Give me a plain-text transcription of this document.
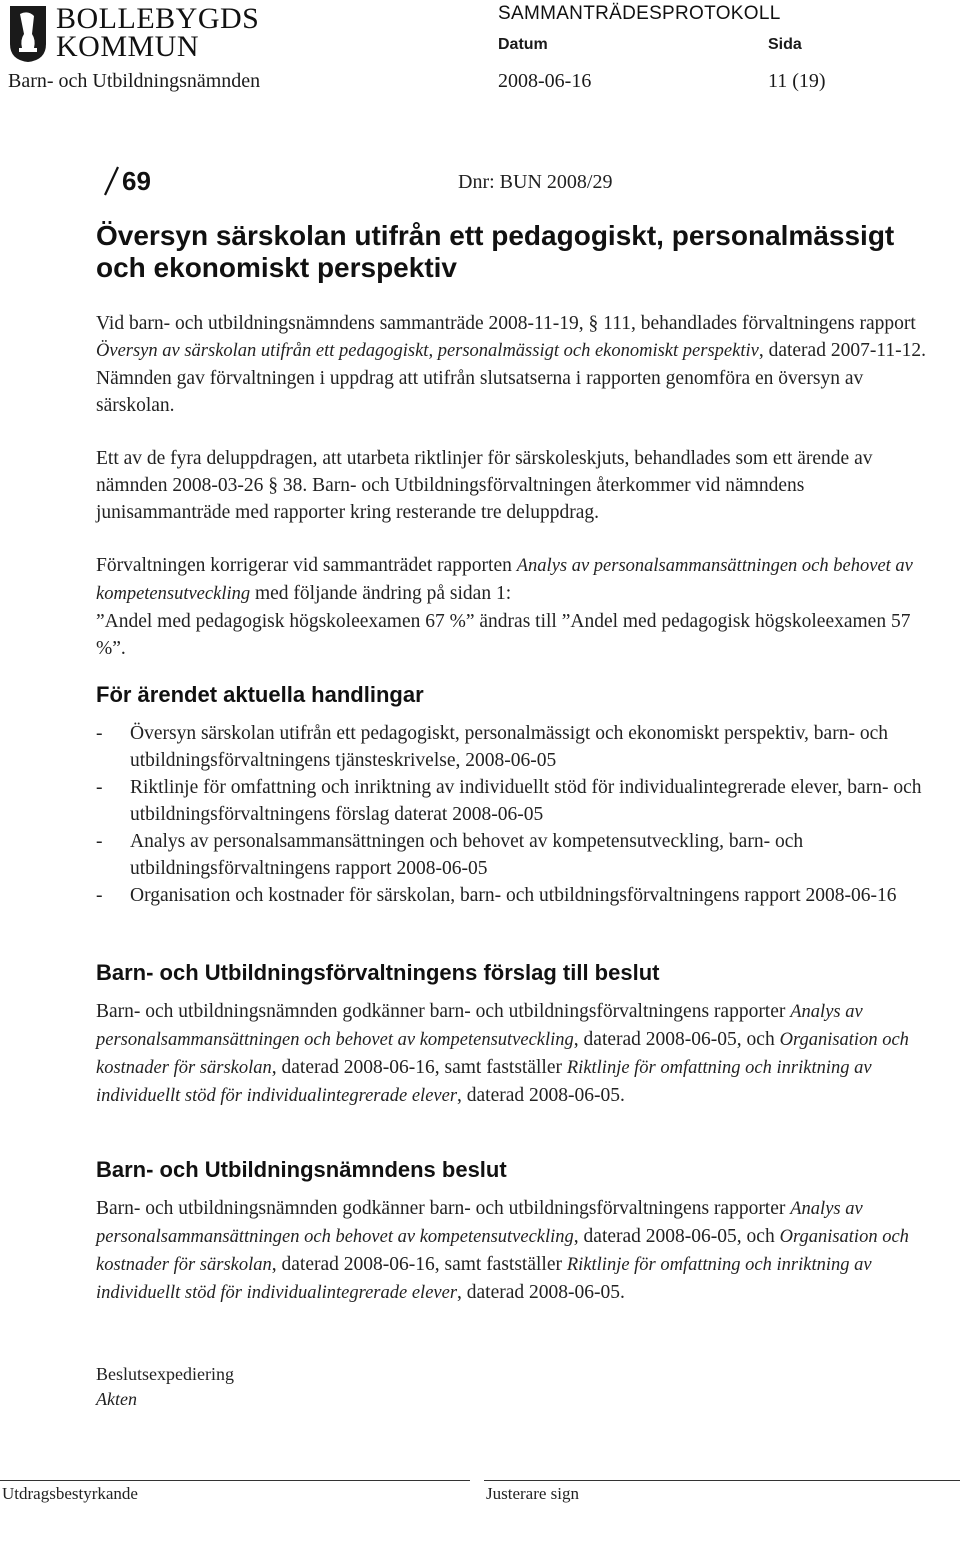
BOLLEBYGDS
KOMMUN
SAMMANTRÄDESPROTOKOLL
Datum	Sida
Barn- och Utbildningsnämnden	2008-06-16	11 (19)
69	Dnr: BUN 2008/29
Översyn särskolan utifrån ett pedagogiskt, personalmässigt
och ekonomiskt perspektiv
Vid barn- och utbildningsnämndens sammanträde 2008-11-19, § 111, behandlades förvaltningens rapport Översyn av särskolan utifrån ett pedagogiskt, personalmässigt och ekonomiskt perspektiv, daterad 2007-11-12. Nämnden gav förvaltningen i uppdrag att utifrån slutsatserna i rapporten genomföra en översyn av särskolan.
Ett av de fyra deluppdragen, att utarbeta riktlinjer för särskoleskjuts, behandlades som ett ärende av nämnden 2008-03-26 § 38. Barn- och Utbildningsförvaltningen återkommer vid nämndens junisammanträde med rapporter kring resterande tre deluppdrag.
Förvaltningen korrigerar vid sammanträdet rapporten Analys av personalsammansättningen och behovet av kompetensutveckling med följande ändring på sidan 1:
”Andel med pedagogisk högskoleexamen 67 %” ändras till ”Andel med pedagogisk högskoleexamen 57 %”.
För ärendet aktuella handlingar
-	Översyn särskolan utifrån ett pedagogiskt, personalmässigt och ekonomiskt perspektiv, barn- och utbildningsförvaltningens tjänsteskrivelse, 2008-06-05
-	Riktlinje för omfattning och inriktning av individuellt stöd för individualintegrerade elever, barn- och utbildningsförvaltningens förslag daterat 2008-06-05
-	Analys av personalsammansättningen och behovet av kompetensutveckling, barn- och utbildningsförvaltningens rapport 2008-06-05
-	Organisation och kostnader för särskolan, barn- och utbildningsförvaltningens rapport 2008-06-16
Barn- och Utbildningsförvaltningens förslag till beslut
Barn- och utbildningsnämnden godkänner barn- och utbildningsförvaltningens rapporter Analys av personalsammansättningen och behovet av kompetensutveckling, daterad 2008-06-05, och Organisation och kostnader för särskolan, daterad 2008-06-16, samt fastställer Riktlinje för omfattning och inriktning av individuellt stöd för individualintegrerade elever, daterad 2008-06-05.
Barn- och Utbildningsnämndens beslut
Barn- och utbildningsnämnden godkänner barn- och utbildningsförvaltningens rapporter Analys av personalsammansättningen och behovet av kompetensutveckling, daterad 2008-06-05, och Organisation och kostnader för särskolan, daterad 2008-06-16, samt fastställer Riktlinje för omfattning och inriktning av individuellt stöd för individualintegrerade elever, daterad 2008-06-05.
Beslutsexpediering
Akten
Utdragsbestyrkande	Justerare sign
